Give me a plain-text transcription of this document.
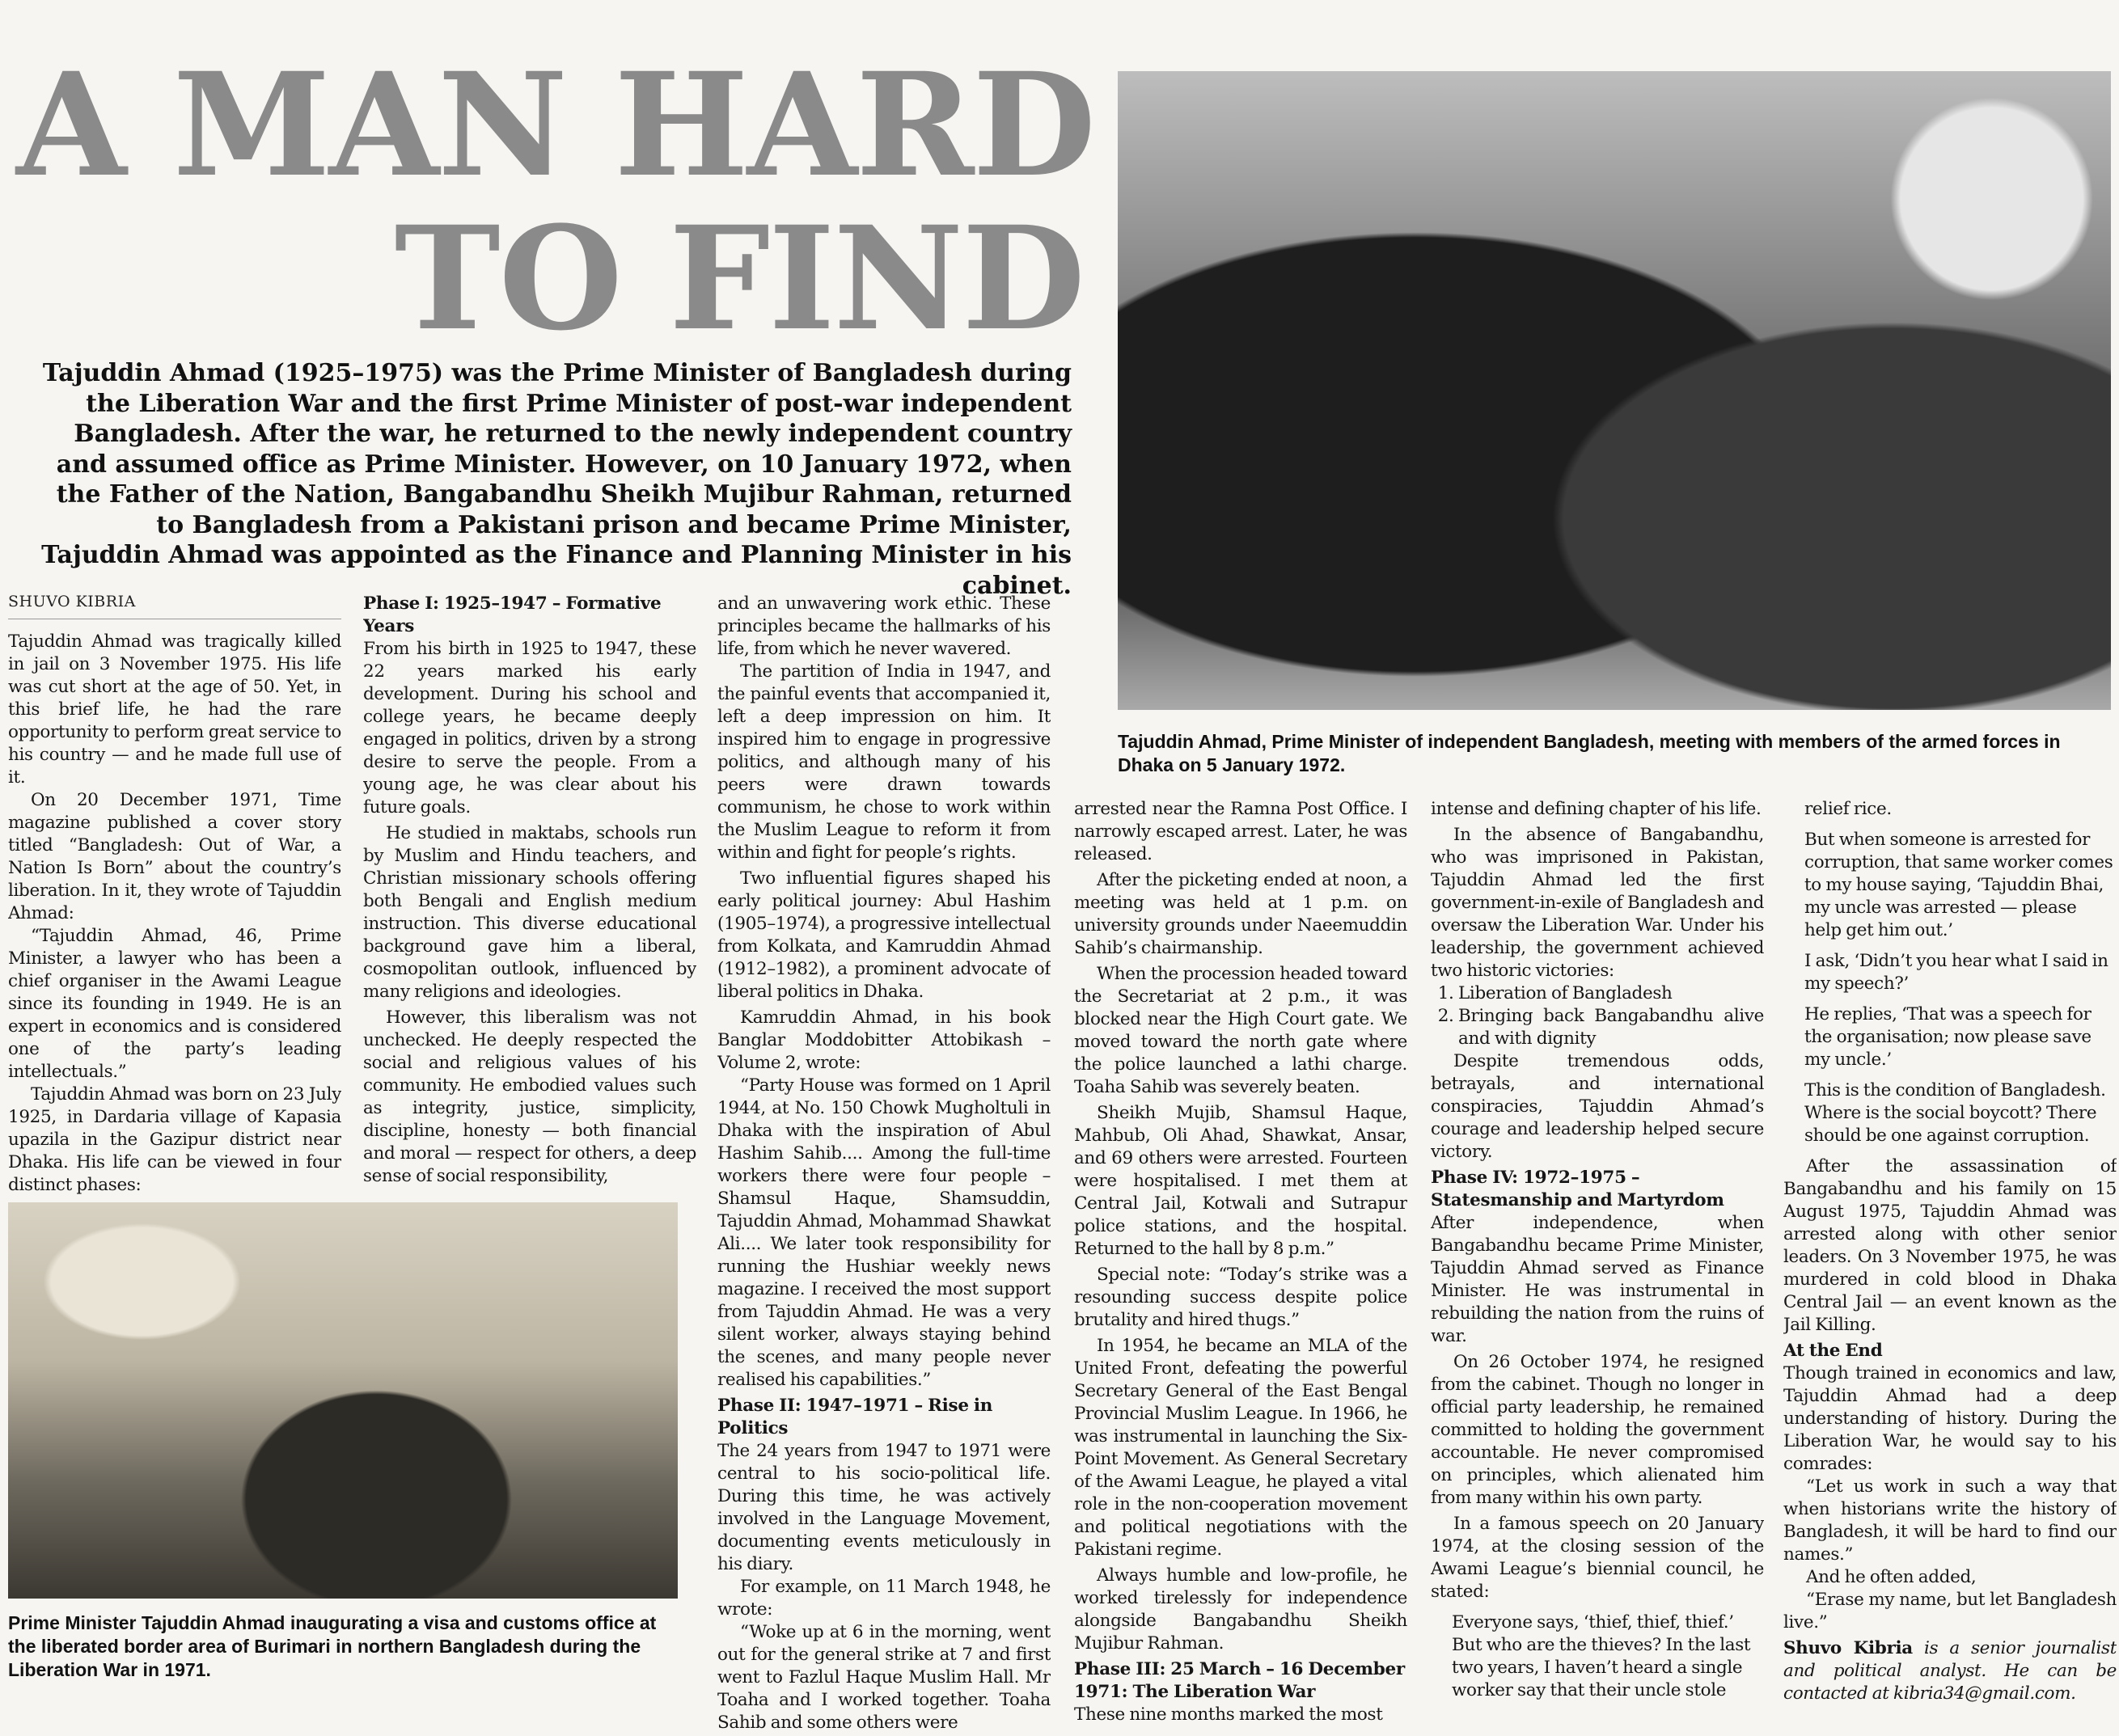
A MAN HARD
TO FIND
Tajuddin Ahmad (1925–1975) was the Prime Minister of Bangladesh during the Liberation War and the first Prime Minister of post-war independent Bangladesh. After the war, he returned to the newly independent country and assumed office as Prime Minister. However, on 10 January 1972, when the Father of the Nation, Bangabandhu Sheikh Mujibur Rahman, returned to Bangladesh from a Pakistani prison and became Prime Minister, Tajuddin Ahmad was appointed as the Finance and Planning Minister in his cabinet.
Tajuddin Ahmad, Prime Minister of independent Bangladesh, meeting with members of the armed forces in Dhaka on 5 January 1972.
SHUVO KIBRIA

Tajuddin Ahmad was tragically killed in jail on 3 November 1975. His life was cut short at the age of 50. Yet, in this brief life, he had the rare opportunity to perform great service to his country — and he made full use of it.

On 20 December 1971, Time magazine published a cover story titled “Bangladesh: Out of War, a Nation Is Born” about the country’s liberation. In it, they wrote of Tajuddin Ahmad:

“Tajuddin Ahmad, 46, Prime Minister, a lawyer who has been a chief organiser in the Awami League since its founding in 1949. He is an expert in economics and is considered one of the party’s leading intellectuals.”

Tajuddin Ahmad was born on 23 July 1925, in Dardaria village of Kapasia upazila in the Gazipur district near Dhaka. His life can be viewed in four distinct phases:

Phase I: 1925–1947 – Formative Years

From his birth in 1925 to 1947, these 22 years marked his early development. During his school and college years, he became deeply engaged in politics, driven by a strong desire to serve the people. From a young age, he was clear about his future goals.

He studied in maktabs, schools run by Muslim and Hindu teachers, and Christian missionary schools offering both Bengali and English medium instruction. This diverse educational background gave him a liberal, cosmopolitan outlook, influenced by many religions and ideologies.

However, this liberalism was not unchecked. He deeply respected the social and religious values of his community. He embodied values such as integrity, justice, simplicity, discipline, honesty — both financial and moral — respect for others, a deep sense of social responsibility,

Prime Minister Tajuddin Ahmad inaugurating a visa and customs office at the liberated border area of Burimari in northern Bangladesh during the Liberation War in 1971.

and an unwavering work ethic. These principles became the hallmarks of his life, from which he never wavered.

The partition of India in 1947, and the painful events that accompanied it, left a deep impression on him. It inspired him to engage in progressive politics, and although many of his peers were drawn towards communism, he chose to work within the Muslim League to reform it from within and fight for people’s rights.

Two influential figures shaped his early political journey: Abul Hashim (1905–1974), a progressive intellectual from Kolkata, and Kamruddin Ahmad (1912–1982), a prominent advocate of liberal politics in Dhaka.

Kamruddin Ahmad, in his book Banglar Moddobitter Attobikash – Volume 2, wrote:

“Party House was formed on 1 April 1944, at No. 150 Chowk Mugholtuli in Dhaka with the inspiration of Abul Hashim Sahib.... Among the full-time workers there were four people – Shamsul Haque, Shamsuddin, Tajuddin Ahmad, Mohammad Shawkat Ali.... We later took responsibility for running the Hushiar weekly news magazine. I received the most support from Tajuddin Ahmad. He was a very silent worker, always staying behind the scenes, and many people never realised his capabilities.”

Phase II: 1947–1971 – Rise in Politics

The 24 years from 1947 to 1971 were central to his socio-political life. During this time, he was actively involved in the Language Movement, documenting events meticulously in his diary.

For example, on 11 March 1948, he wrote:

“Woke up at 6 in the morning, went out for the general strike at 7 and first went to Fazlul Haque Muslim Hall. Mr Toaha and I worked together. Toaha Sahib and some others were

arrested near the Ramna Post Office. I narrowly escaped arrest. Later, he was released.

After the picketing ended at noon, a meeting was held at 1 p.m. on university grounds under Naeemuddin Sahib’s chairmanship.

When the procession headed toward the Secretariat at 2 p.m., it was blocked near the High Court gate. We moved toward the north gate where the police launched a lathi charge. Toaha Sahib was severely beaten.

Sheikh Mujib, Shamsul Haque, Mahbub, Oli Ahad, Shawkat, Ansar, and 69 others were arrested. Fourteen were hospitalised. I met them at Central Jail, Kotwali and Sutrapur police stations, and the hospital. Returned to the hall by 8 p.m.”

Special note: “Today’s strike was a resounding success despite police brutality and hired thugs.”

In 1954, he became an MLA of the United Front, defeating the powerful Secretary General of the East Bengal Provincial Muslim League. In 1966, he was instrumental in launching the Six-Point Movement. As General Secretary of the Awami League, he played a vital role in the non-cooperation movement and political negotiations with the Pakistani regime.

Always humble and low-profile, he worked tirelessly for independence alongside Bangabandhu Sheikh Mujibur Rahman.

Phase III: 25 March – 16 December 1971: The Liberation War

These nine months marked the most

intense and defining chapter of his life.

In the absence of Bangabandhu, who was imprisoned in Pakistan, Tajuddin Ahmad led the first government-in-exile of Bangladesh and oversaw the Liberation War. Under his leadership, the government achieved two historic victories:

1. Liberation of Bangladesh
2. Bringing back Bangabandhu alive and with dignity

Despite tremendous odds, betrayals, and international conspiracies, Tajuddin Ahmad’s courage and leadership helped secure victory.

Phase IV: 1972–1975 – Statesmanship and Martyrdom

After independence, when Bangabandhu became Prime Minister, Tajuddin Ahmad served as Finance Minister. He was instrumental in rebuilding the nation from the ruins of war.

On 26 October 1974, he resigned from the cabinet. Though no longer in official party leadership, he remained committed to holding the government accountable. He never compromised on principles, which alienated him from many within his own party.

In a famous speech on 20 January 1974, at the closing session of the Awami League’s biennial council, he stated:

Everyone says, ‘thief, thief, thief.’ But who are the thieves? In the last two years, I haven’t heard a single worker say that their uncle stole

relief rice.

But when someone is arrested for corruption, that same worker comes to my house saying, ‘Tajuddin Bhai, my uncle was arrested — please help get him out.’

I ask, ‘Didn’t you hear what I said in my speech?’

He replies, ‘That was a speech for the organisation; now please save my uncle.’

This is the condition of Bangladesh. Where is the social boycott? There should be one against corruption.

After the assassination of Bangabandhu and his family on 15 August 1975, Tajuddin Ahmad was arrested along with other senior leaders. On 3 November 1975, he was murdered in cold blood in Dhaka Central Jail — an event known as the Jail Killing.

At the End

Though trained in economics and law, Tajuddin Ahmad had a deep understanding of history. During the Liberation War, he would say to his comrades:

“Let us work in such a way that when historians write the history of Bangladesh, it will be hard to find our names.”

And he often added,

“Erase my name, but let Bangladesh live.”

Shuvo Kibria is a senior journalist and political analyst. He can be contacted at kibria34@gmail.com.
